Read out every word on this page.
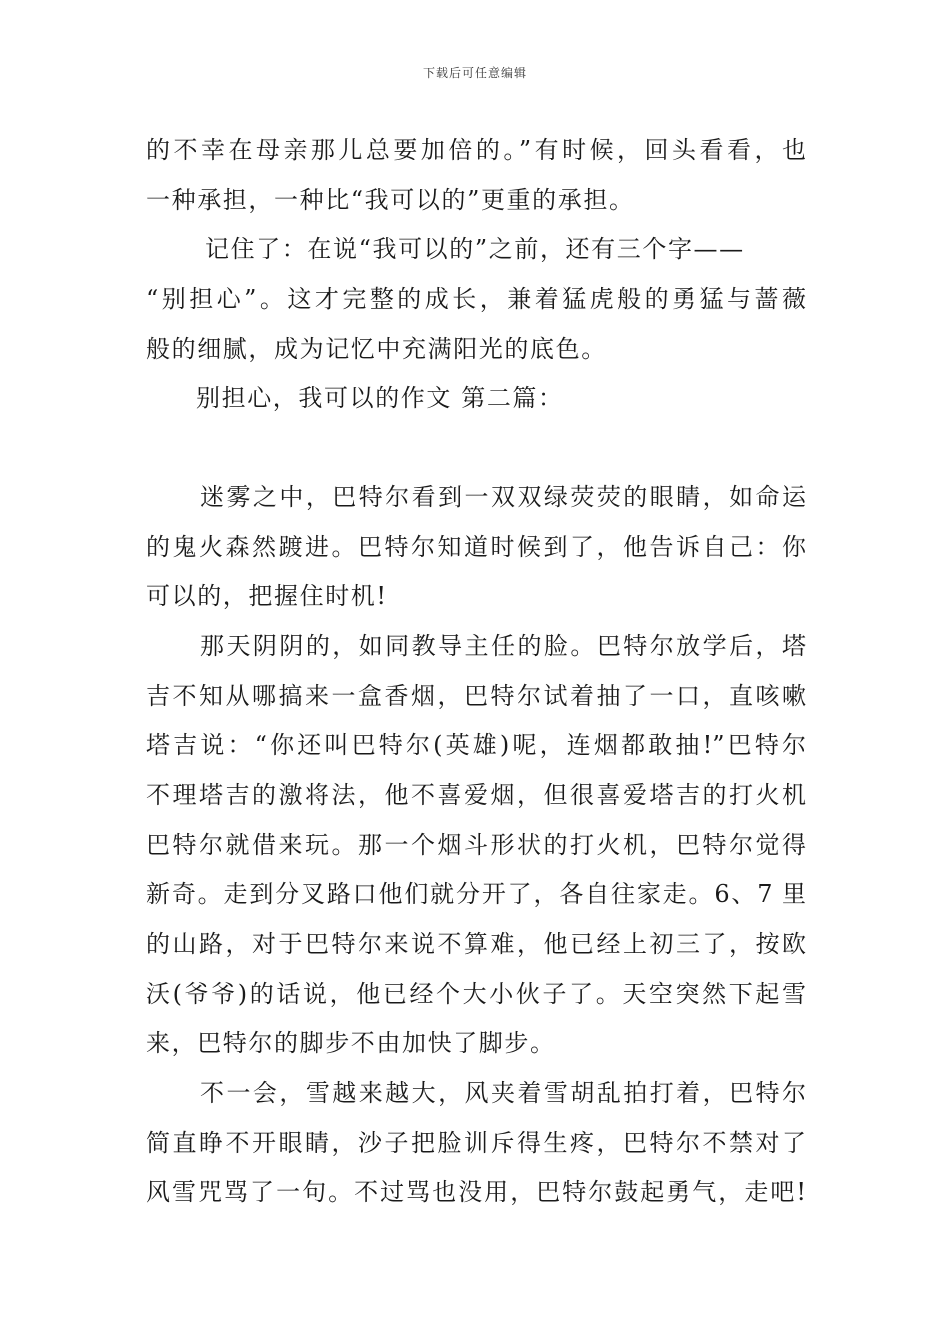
下载后可任意编辑
的不幸在母亲那儿总要加倍的。”有时候，回头看看，也
一种承担，一种比“我可以的”更重的承担。
记住了：在说“我可以的”之前，还有三个字——
“别担心”。这才完整的成长，兼着猛虎般的勇猛与蔷薇
般的细腻，成为记忆中充满阳光的底色。
别担心，我可以的作文 第二篇：
迷雾之中，巴特尔看到一双双绿荧荧的眼睛，如命运
的鬼火森然踱进。巴特尔知道时候到了，他告诉自己：你
可以的，把握住时机!
那天阴阴的，如同教导主任的脸。巴特尔放学后，塔
吉不知从哪搞来一盒香烟，巴特尔试着抽了一口，直咳嗽
塔吉说：“你还叫巴特尔(英雄)呢，连烟都敢抽!”巴特尔
不理塔吉的激将法，他不喜爱烟，但很喜爱塔吉的打火机
巴特尔就借来玩。那一个烟斗形状的打火机，巴特尔觉得
新奇。走到分叉路口他们就分开了，各自往家走。6、7 里
的山路，对于巴特尔来说不算难，他已经上初三了，按欧
沃(爷爷)的话说，他已经个大小伙子了。天空突然下起雪
来，巴特尔的脚步不由加快了脚步。
不一会，雪越来越大，风夹着雪胡乱拍打着，巴特尔
简直睁不开眼睛，沙子把脸训斥得生疼，巴特尔不禁对了
风雪咒骂了一句。不过骂也没用，巴特尔鼓起勇气，走吧!
